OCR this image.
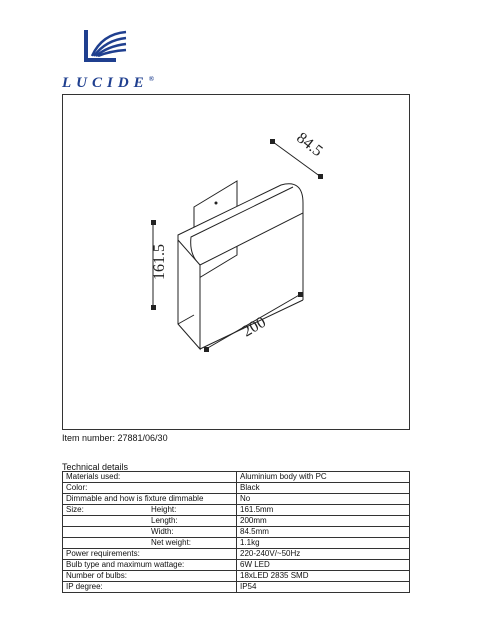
LUCIDE®
84.5
161.5
200
Item number: 27881/06/30
Technical details
Materials used:	Aluminium body with PC
Color:	Black
Dimmable and how is fixture dimmable	No
Size: Height:	161.5mm

Length:	200mm

Width:	84.5mm

Net weight:	1.1kg
Power requirements:	220-240V/~50Hz
Bulb type and maximum wattage:	6W LED
Number of bulbs:	18xLED 2835 SMD
IP degree:	IP54
